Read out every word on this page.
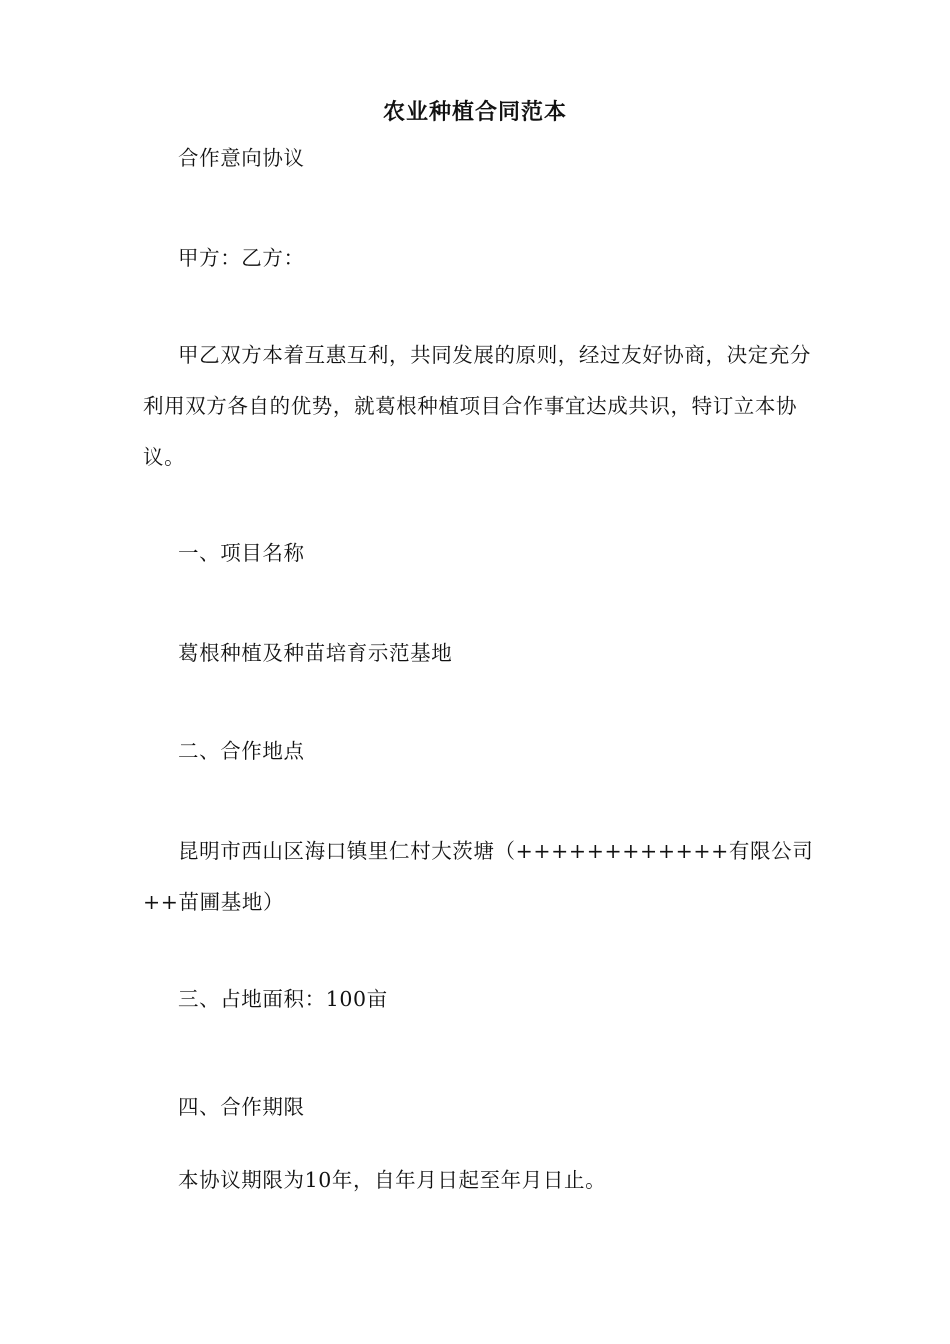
农业种植合同范本
合作意向协议
甲方：乙方：
甲乙双方本着互惠互利，共同发展的原则，经过友好协商，决定充分利用双方各自的优势，就葛根种植项目合作事宜达成共识，特订立本协议。
一、项目名称
葛根种植及种苗培育示范基地
二、合作地点
昆明市西山区海口镇里仁村大茨塘（++++++++++++有限公司++苗圃基地）
三、占地面积：100亩
四、合作期限
本协议期限为10年，自年月日起至年月日止。
